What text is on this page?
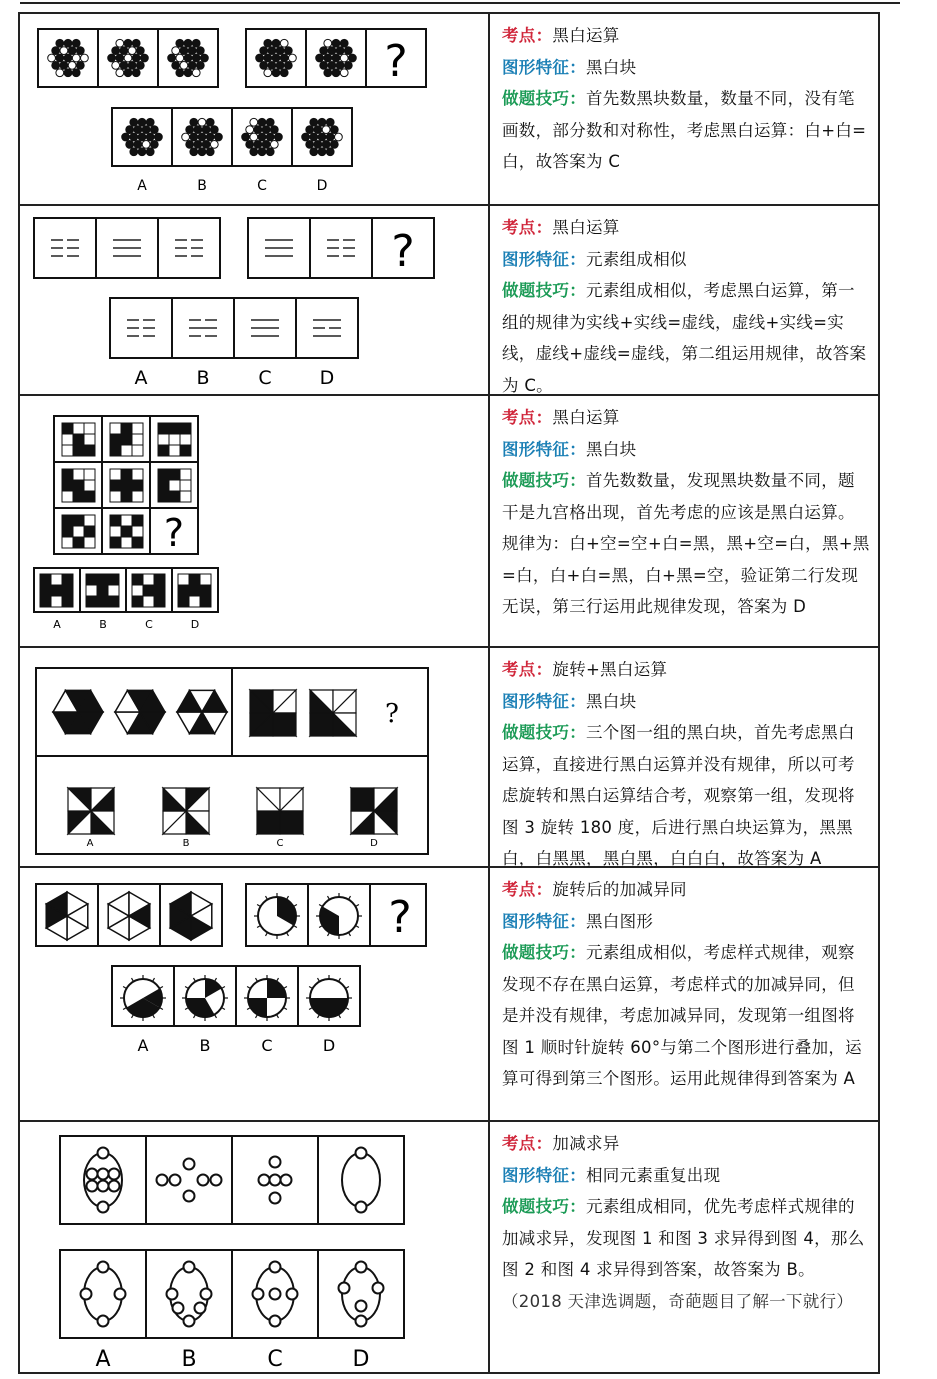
?
A	B	C	D

考点：黑白运算

图形特征：黑白块

做题技巧：首先数黑块数量，数量不同，没有笔画数，部分数和对称性，考虑黑白运算：白+白=白，故答案为 C

?
A	B	C	D

考点：黑白运算

图形特征：元素组成相似

做题技巧：元素组成相似，考虑黑白运算，第一组的规律为实线+实线=虚线，虚线+实线=实线，虚线+虚线=虚线，第二组运用规律，故答案为 C。

?
A	B	C	D

考点：黑白运算

图形特征：黑白块

做题技巧：首先数数量，发现黑块数量不同，题干是九宫格出现，首先考虑的应该是黑白运算。规律为：白+空=空+白=黑，黑+空=白，黑+黑=白，白+白=黑，白+黑=空，验证第二行发现无误，第三行运用此规律发现，答案为 D

?
A	B	C	D

考点：旋转+黑白运算

图形特征：黑白块

做题技巧：三个图一组的黑白块，首先考虑黑白运算，直接进行黑白运算并没有规律，所以可考虑旋转和黑白运算结合考，观察第一组，发现将图 3 旋转 180 度，后进行黑白块运算为，黑黑白，白黑黑，黑白黑，白白白，故答案为 A

?
A	B	C	D

考点：旋转后的加减异同

图形特征：黑白图形

做题技巧：元素组成相似，考虑样式规律，观察发现不存在黑白运算，考虑样式的加减异同，但是并没有规律，考虑加减异同，发现第一组图将图 1 顺时针旋转 60°与第二个图形进行叠加，运算可得到第三个图形。运用此规律得到答案为 A

A	B	C	D

考点：加减求异

图形特征：相同元素重复出现

做题技巧：元素组成相同，优先考虑样式规律的加减求异，发现图 1 和图 3 求异得到图 4，那么图 2 和图 4 求异得到答案，故答案为 B。

（2018 天津选调题，奇葩题目了解一下就行）
